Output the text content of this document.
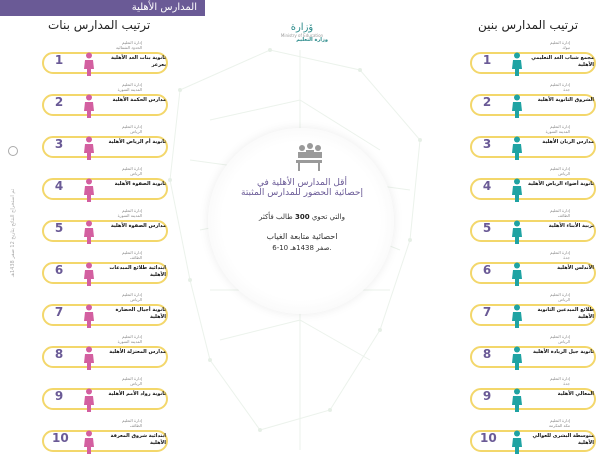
المدارس الأهلية
ترتيب المدارس بنات	ترتيب المدارس بنين
ﯙﺯﺍﺭﺓ
وزارة التعليم
Ministry of Education
أقل المدارس الأهلية في
إحصائية الحضور للمدارس المثبتة
والتي تحوي 300 طالب فأكثر
احصائية متابعة الغياب
6-10 صفر 1438هـ.
تم استخراج النتائج بتاريخ 12 صفر 1438هـ
إدارة التعليم
الحدود الشمالية
1	ثانوية بنات الغد الأهلية بعرعر
إدارة التعليم
المدينة المنورة
2	مدارس الحكمة الأهلية
إدارة التعليم
الرياض
3	ثانوية أم الرياض الأهلية
إدارة التعليم
الرياض
4	ثانوية الصفوة الأهلية
إدارة التعليم
المدينة المنورة
5	مدارس الصفوة الأهلية
إدارة التعليم
الطائف
6	ابتدائية طلائع المبدعات الأهلية
إدارة التعليم
الرياض
7	ثانوية أجيال الحضارة الأهلية
إدارة التعليم
المدينة المنورة
8	مدارس المعتزلة الأهلية
إدارة التعليم
الرياض
9	ثانوية رواد الأمم الأهلية
إدارة التعليم
الطائف
10	ابتدائية شروق المعرفة الأهلية
إدارة التعليم
تبوك
1	مجمع شباب الغد التعليمي الأهلية
إدارة التعليم
جدة
2	الشروق الثانوية الأهلية
إدارة التعليم
المدينة المنورة
3	مدارس الريان الأهلية
إدارة التعليم
الرياض
4	ثانوية أضواء الرياض الأهلية
إدارة التعليم
الطائف
5	تربية الأبناء الأهلية
إدارة التعليم
جدة
6	الأندلس الأهلية
إدارة التعليم
الرياض
7	طلائع الميدعين الثانوية الأهلية
إدارة التعليم
الرياض
8	ثانوية جيل الريادة الأهلية
إدارة التعليم
جدة
9	المعالي الأهلية
إدارة التعليم
مكة المكرمة
10	متوسطة البشرى للعوالي الأهلية
